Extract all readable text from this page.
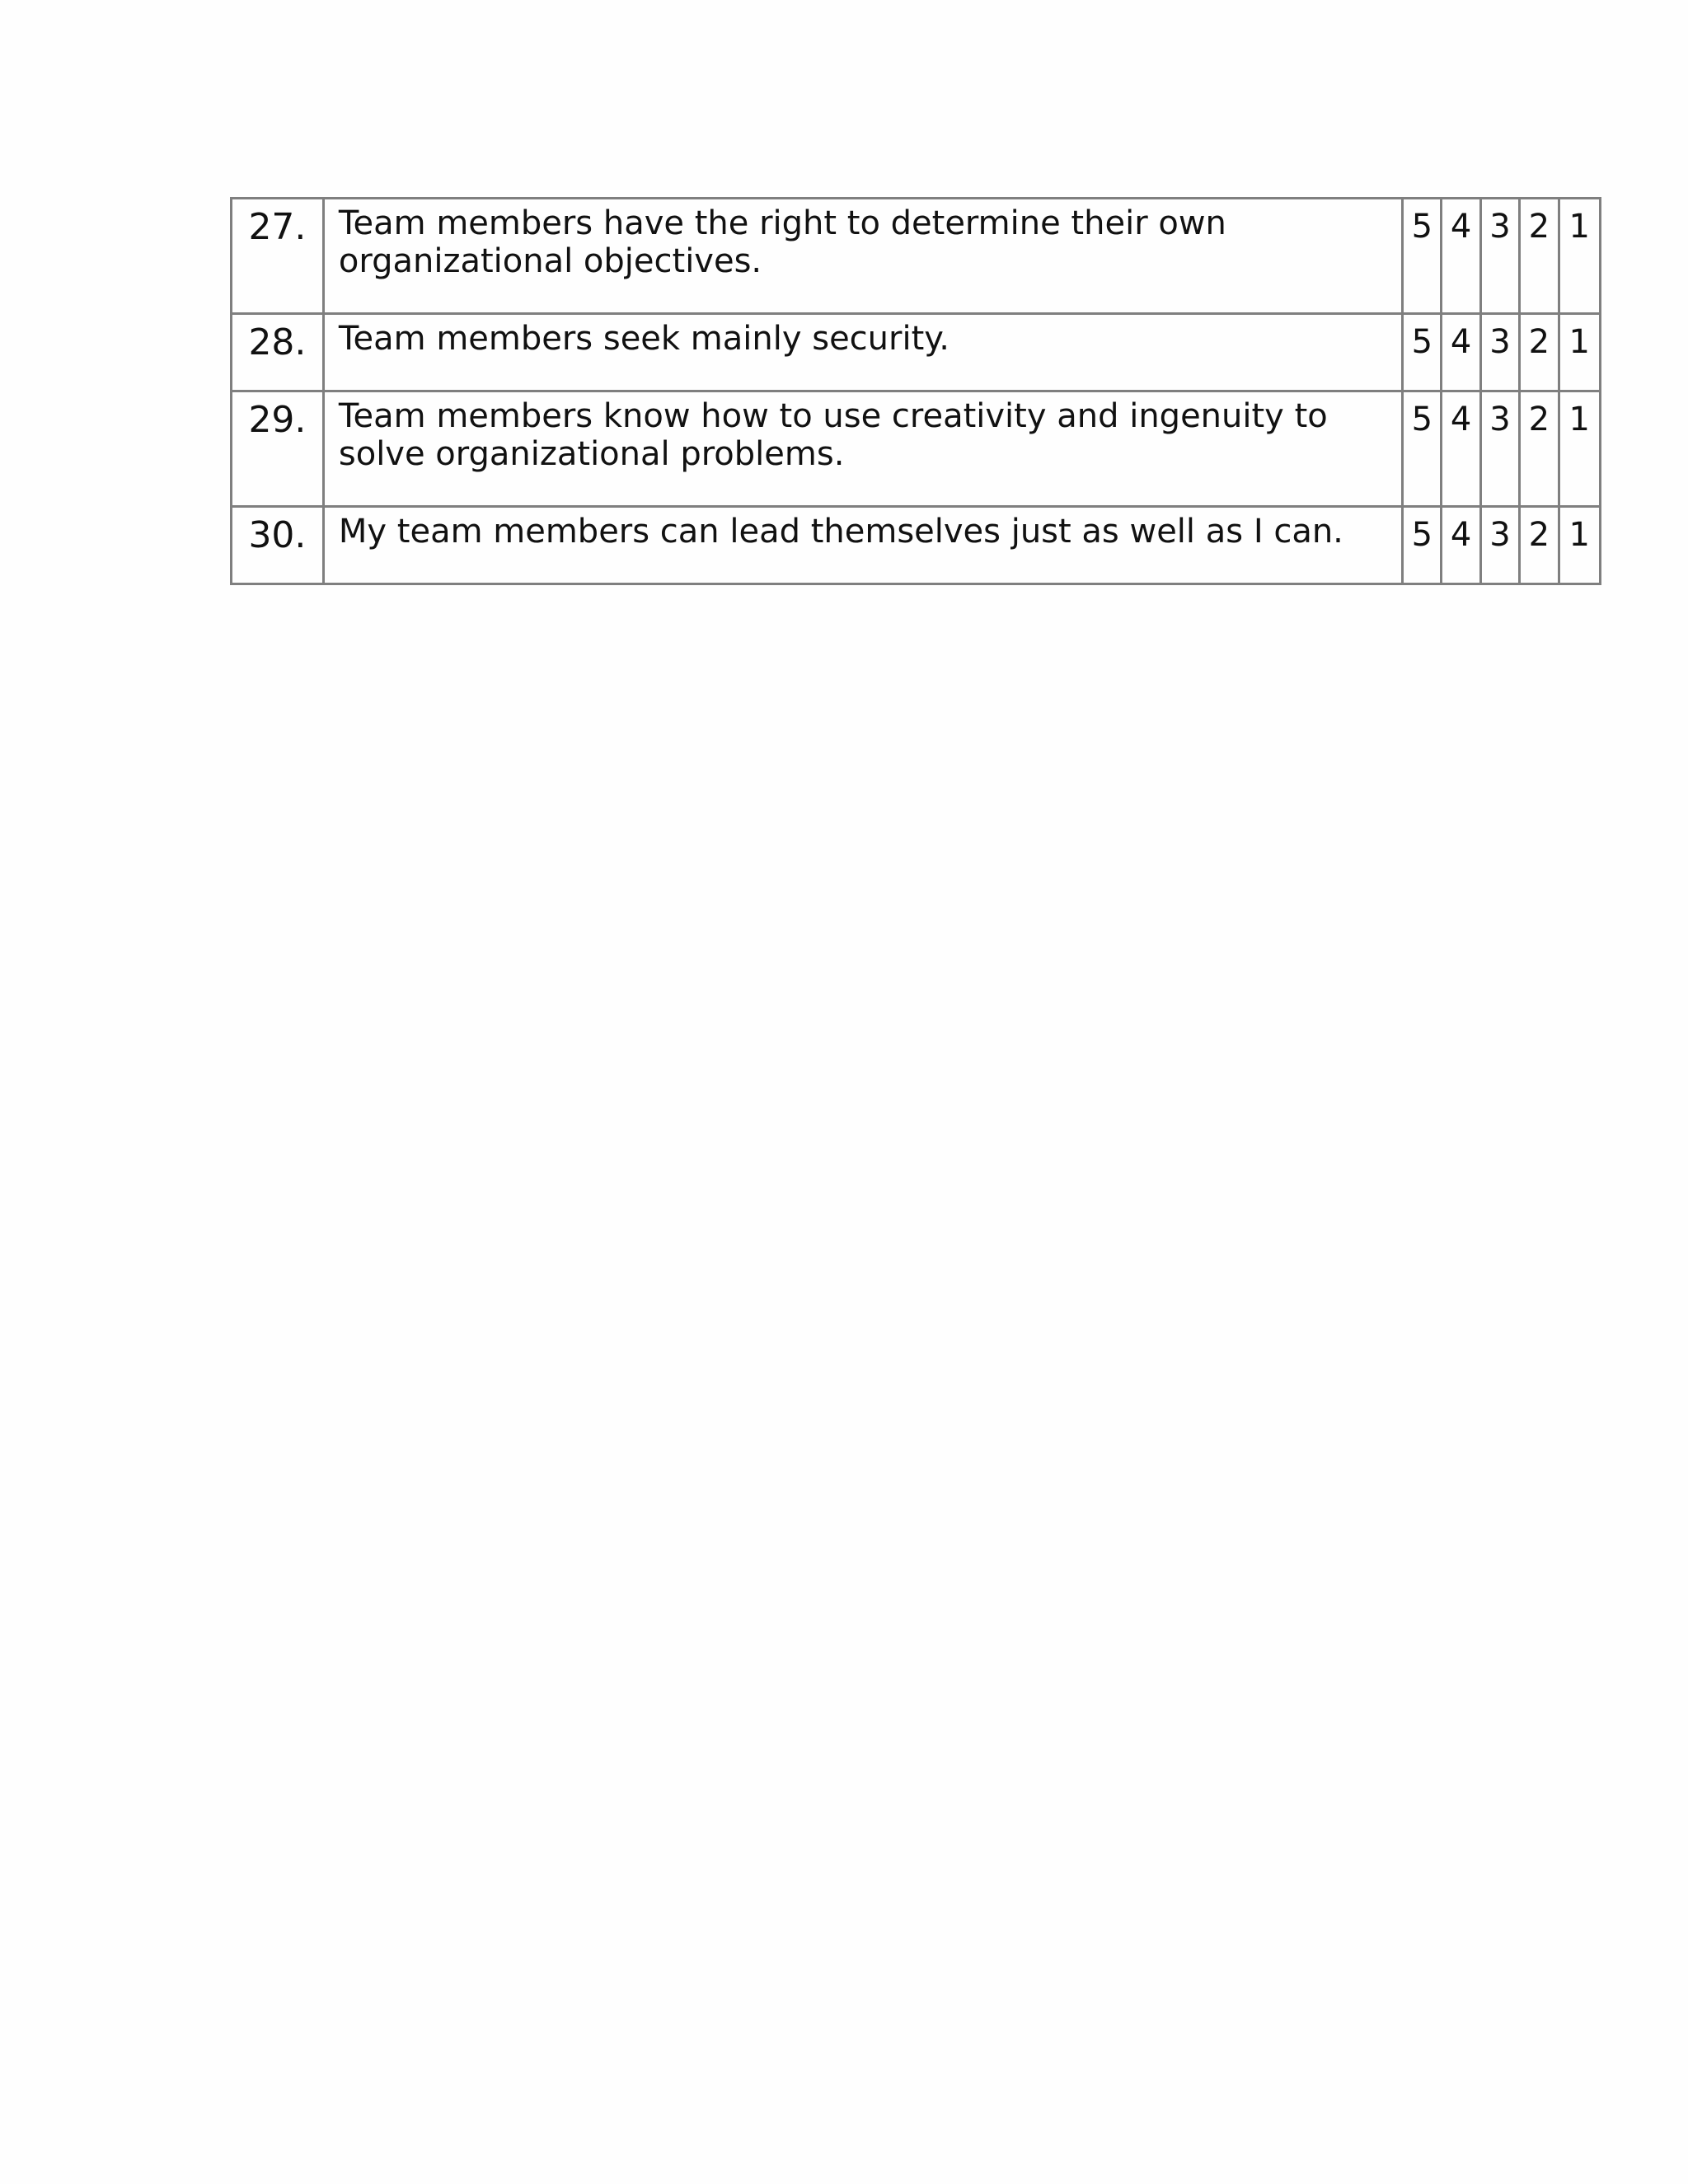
27.	Team members have the right to determine their own organizational objectives.	5	4	3	2	1
28.	Team members seek mainly security.	5	4	3	2	1
29.	Team members know how to use creativity and ingenuity to solve organizational problems.	5	4	3	2	1
30.	My team members can lead themselves just as well as I can.	5	4	3	2	1
